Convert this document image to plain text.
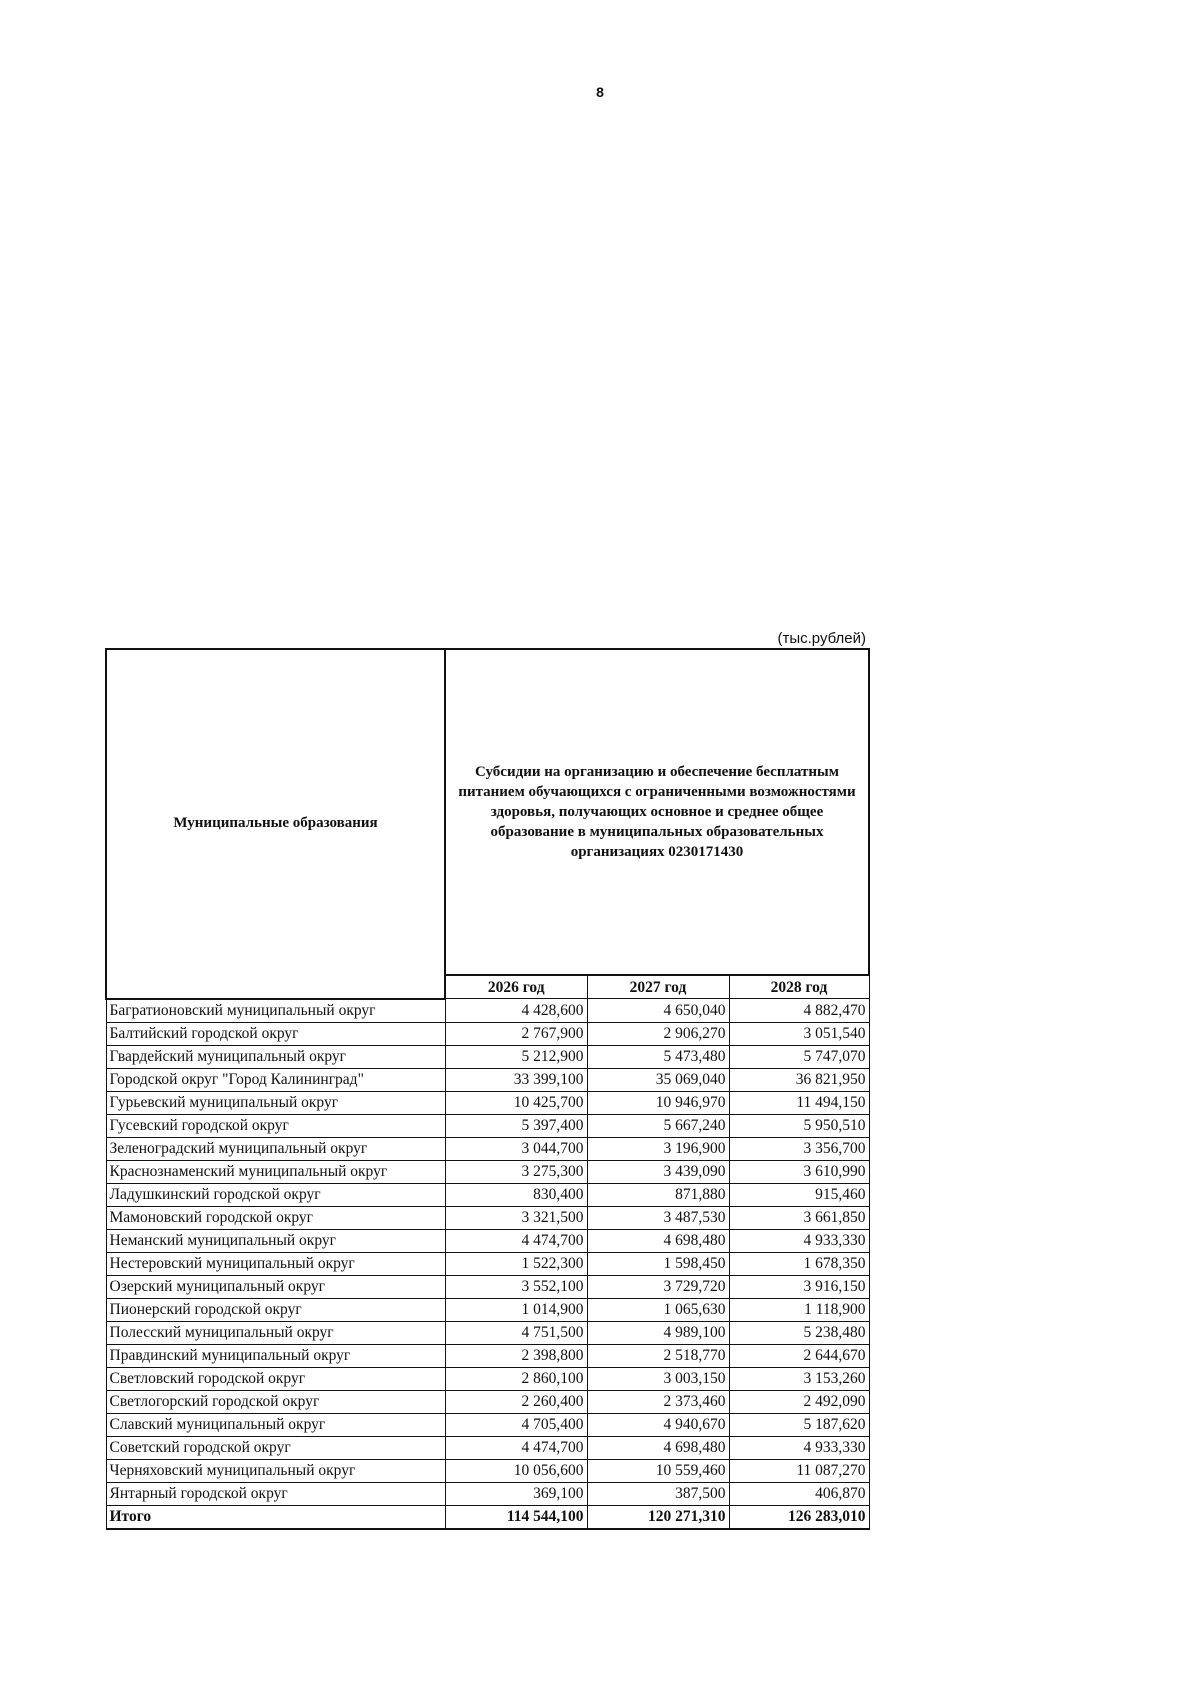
8
(тыс.рублей)
Муниципальные образования	Субсидии на организацию и обеспечение бесплатным питанием обучающихся с ограниченными возможностями здоровья, получающих основное и среднее общее образование в муниципальных образовательных организациях 0230171430		
	2026 год	2027 год	2028 год
Багратионовский муниципальный округ	4 428,600	4 650,040	4 882,470
Балтийский городской округ	2 767,900	2 906,270	3 051,540
Гвардейский муниципальный округ	5 212,900	5 473,480	5 747,070
Городской округ "Город Калининград"	33 399,100	35 069,040	36 821,950
Гурьевский муниципальный округ	10 425,700	10 946,970	11 494,150
Гусевский городской округ	5 397,400	5 667,240	5 950,510
Зеленоградский муниципальный округ	3 044,700	3 196,900	3 356,700
Краснознаменский муниципальный округ	3 275,300	3 439,090	3 610,990
Ладушкинский городской округ	830,400	871,880	915,460
Мамоновский городской округ	3 321,500	3 487,530	3 661,850
Неманский муниципальный округ	4 474,700	4 698,480	4 933,330
Нестеровский муниципальный округ	1 522,300	1 598,450	1 678,350
Озерский муниципальный округ	3 552,100	3 729,720	3 916,150
Пионерский городской округ	1 014,900	1 065,630	1 118,900
Полесский муниципальный округ	4 751,500	4 989,100	5 238,480
Правдинский муниципальный округ	2 398,800	2 518,770	2 644,670
Светловский городской округ	2 860,100	3 003,150	3 153,260
Светлогорский городской округ	2 260,400	2 373,460	2 492,090
Славский муниципальный округ	4 705,400	4 940,670	5 187,620
Советский городской округ	4 474,700	4 698,480	4 933,330
Черняховский муниципальный округ	10 056,600	10 559,460	11 087,270
Янтарный городской округ	369,100	387,500	406,870
Итого	114 544,100	120 271,310	126 283,010
